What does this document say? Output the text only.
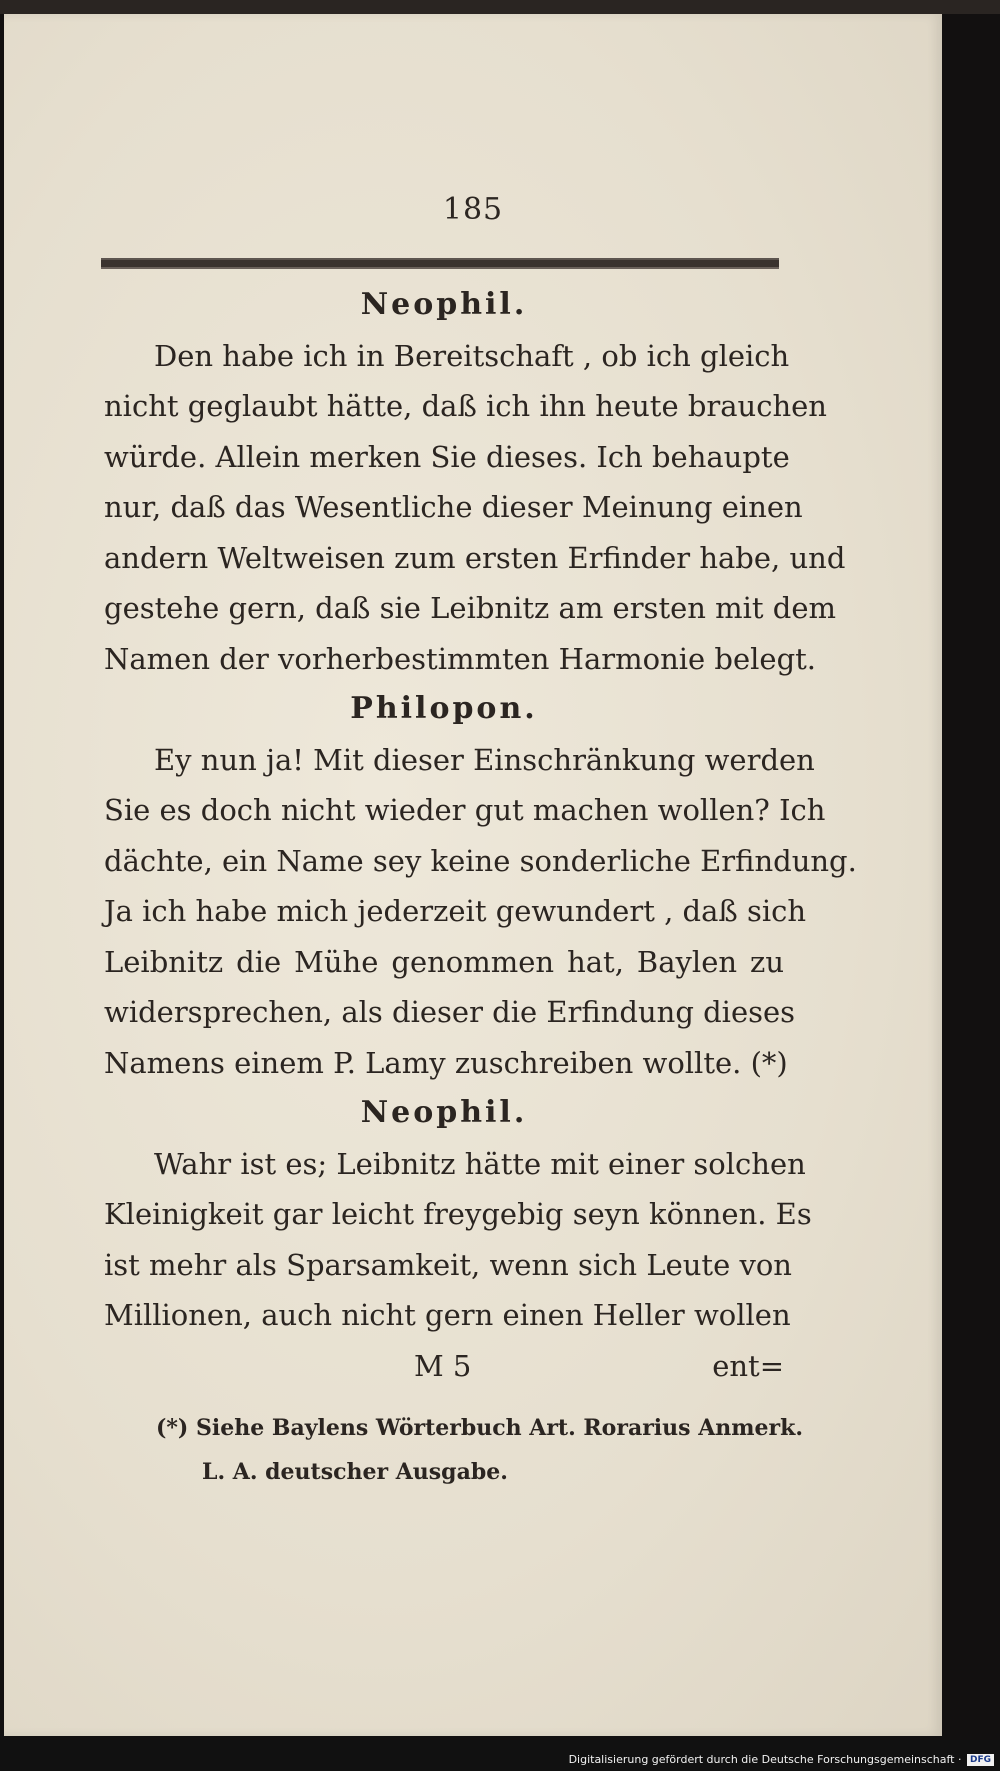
185
Neophil.
Den habe ich in Bereitschaft , ob ich gleich
nicht geglaubt hätte, daß ich ihn heute brauchen
würde. Allein merken Sie dieses. Ich behaupte
nur, daß das Wesentliche dieser Meinung einen
andern Weltweisen zum ersten Erfinder habe, und
gestehe gern, daß sie Leibnitz am ersten mit dem
Namen der vorherbestimmten Harmonie belegt.
Philopon.
Ey nun ja! Mit dieser Einschränkung werden
Sie es doch nicht wieder gut machen wollen? Ich
dächte, ein Name sey keine sonderliche Erfindung.
Ja ich habe mich jederzeit gewundert , daß sich
Leibnitz die Mühe genommen hat, Baylen zu
widersprechen, als dieser die Erfindung dieses
Namens einem P. Lamy zuschreiben wollte. (*)
Neophil.
Wahr ist es; Leibnitz hätte mit einer solchen
Kleinigkeit gar leicht freygebig seyn können. Es
ist mehr als Sparsamkeit, wenn sich Leute von
Millionen, auch nicht gern einen Heller wollen
M 5	ent=
(*) Siehe Baylens Wörterbuch Art. Rorarius Anmerk.
L. A. deutscher Ausgabe.
Digitalisierung gefördert durch die Deutsche Forschungsgemeinschaft · DFG
